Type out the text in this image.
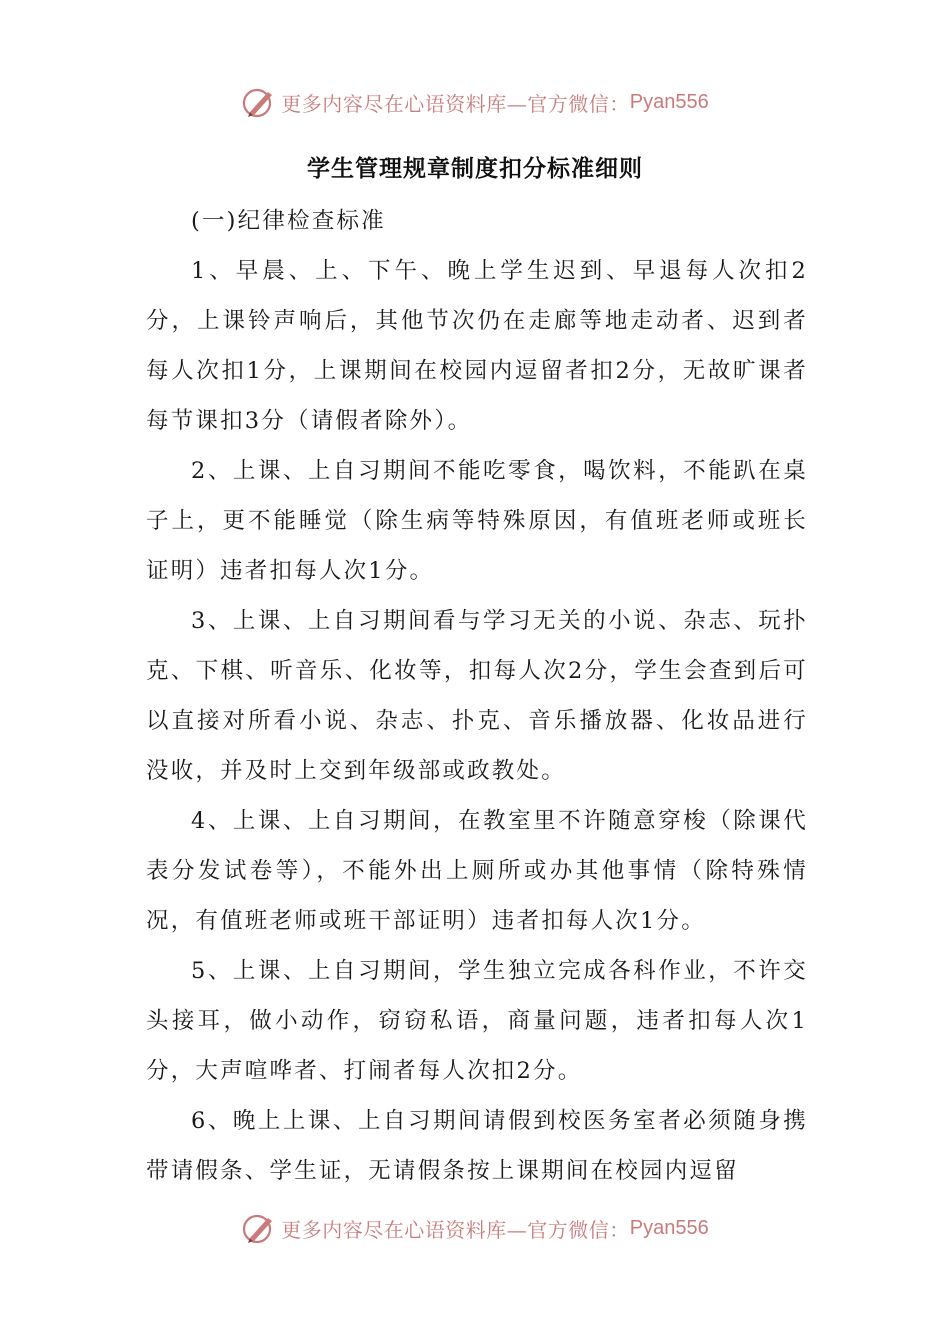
更多内容尽在心语资料库—官方微信： Pyan556
学生管理规章制度扣分标准细则

(一)纪律检查标准

1、早晨、上、下午、晚上学生迟到、早退每人次扣2分，上课铃声响后，其他节次仍在走廊等地走动者、迟到者每人次扣1分，上课期间在校园内逗留者扣2分，无故旷课者每节课扣3分（请假者除外）。

2、上课、上自习期间不能吃零食，喝饮料，不能趴在桌子上，更不能睡觉（除生病等特殊原因，有值班老师或班长证明）违者扣每人次1分。

3、上课、上自习期间看与学习无关的小说、杂志、玩扑克、下棋、听音乐、化妆等，扣每人次2分，学生会查到后可以直接对所看小说、杂志、扑克、音乐播放器、化妆品进行没收，并及时上交到年级部或政教处。

4、上课、上自习期间，在教室里不许随意穿梭（除课代表分发试卷等），不能外出上厕所或办其他事情（除特殊情况，有值班老师或班干部证明）违者扣每人次1分。

5、上课、上自习期间，学生独立完成各科作业，不许交头接耳，做小动作，窃窃私语，商量问题，违者扣每人次1分，大声喧哗者、打闹者每人次扣2分。

6、晚上上课、上自习期间请假到校医务室者必须随身携带请假条、学生证，无请假条按上课期间在校园内逗留

更多内容尽在心语资料库—官方微信： Pyan556
